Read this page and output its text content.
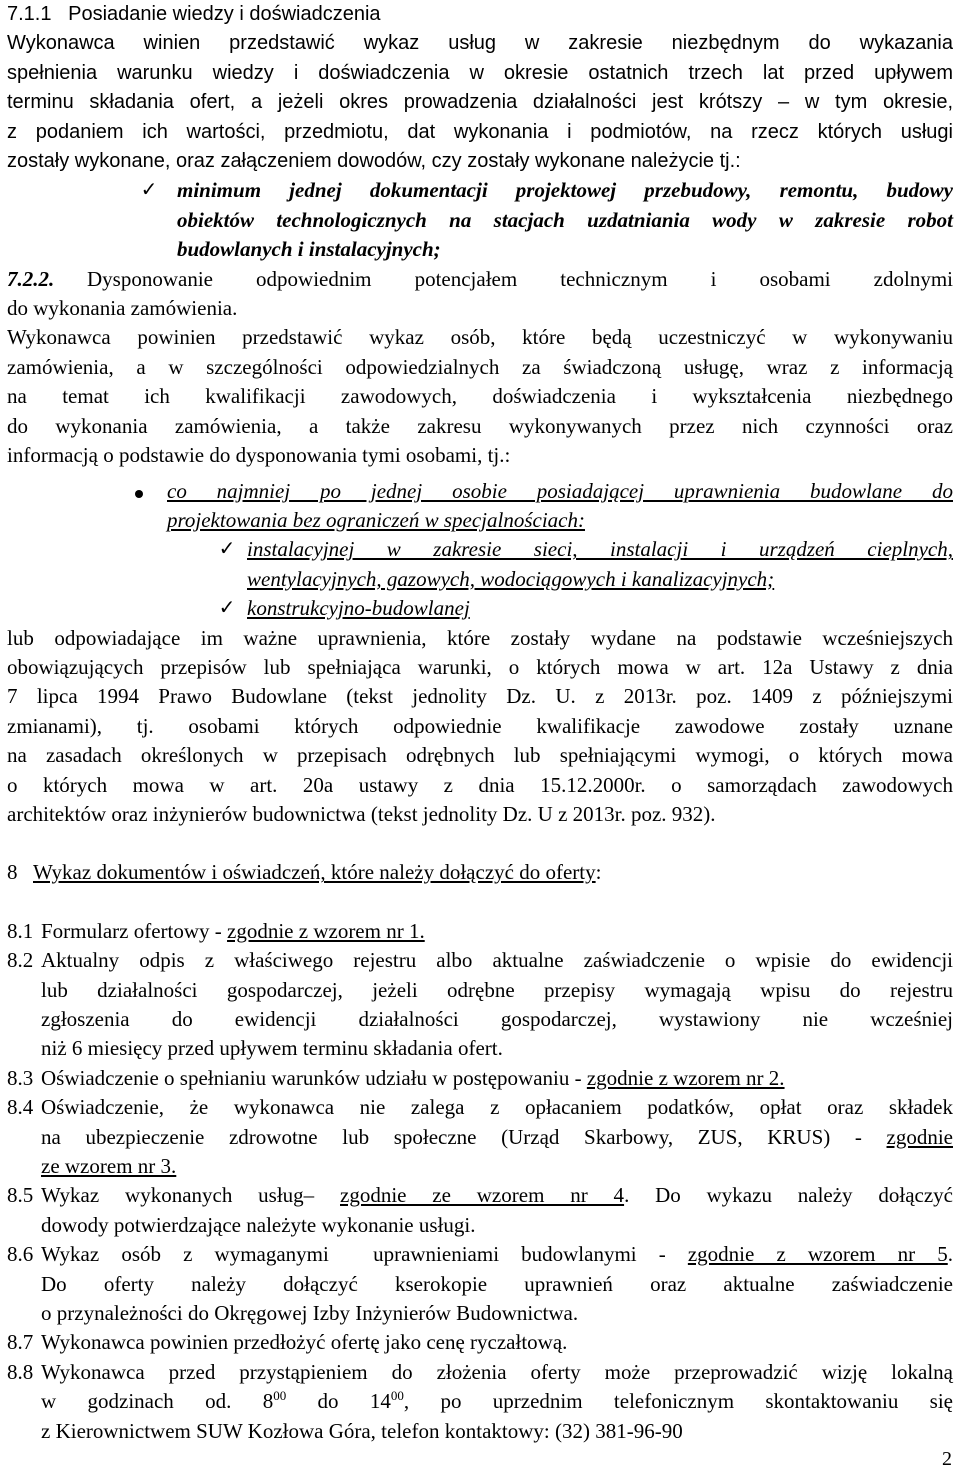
7.1.1   Posiadanie wiedzy i doświadczenia

Wykonawca winien przedstawić wykaz usług w zakresie niezbędnym do wykazania

spełnienia warunku wiedzy i doświadczenia w okresie ostatnich trzech lat przed upływem

terminu składania ofert, a jeżeli okres prowadzenia działalności jest krótszy – w tym okresie,

z podaniem ich wartości, przedmiotu, dat wykonania i podmiotów, na rzecz których usługi

zostały wykonane, oraz załączeniem dowodów, czy zostały wykonane należycie tj.:

✓ minimum jednej dokumentacji projektowej przebudowy, remontu, budowy

obiektów technologicznych na stacjach uzdatniania wody w zakresie robot

budowlanych i instalacyjnych;

7.2.2.	Dysponowanie odpowiednim potencjałem technicznym i osobami zdolnymi

do wykonania zamówienia.

Wykonawca powinien przedstawić wykaz osób, które będą uczestniczyć w wykonywaniu

zamówienia, a w szczególności odpowiedzialnych za świadczoną usługę, wraz z informacją

na temat ich kwalifikacji zawodowych, doświadczenia i wykształcenia niezbędnego

do wykonania zamówienia, a także zakresu wykonywanych przez nich czynności oraz

informacją o podstawie do dysponowania tymi osobami, tj.:

co najmniej po jednej osobie posiadającej uprawnienia budowlane do

projektowania bez ograniczeń w specjalnościach:

✓ instalacyjnej w zakresie sieci, instalacji i urządzeń cieplnych,

wentylacyjnych, gazowych, wodociągowych i kanalizacyjnych;

✓ konstrukcyjno-budowlanej

lub odpowiadające im ważne uprawnienia, które zostały wydane na podstawie wcześniejszych

obowiązujących przepisów lub spełniająca warunki, o których mowa w art. 12a Ustawy z dnia

7 lipca 1994 Prawo Budowlane (tekst jednolity Dz. U. z 2013r. poz. 1409 z późniejszymi

zmianami), tj. osobami których odpowiednie kwalifikacje zawodowe zostały uznane

na zasadach określonych w przepisach odrębnych lub spełniającymi wymogi, o których mowa

o których mowa w art. 20a ustawy z dnia 15.12.2000r. o samorządach zawodowych

architektów oraz inżynierów budownictwa (tekst jednolity Dz. U z 2013r. poz. 932).

8 Wykaz dokumentów i oświadczeń, które należy dołączyć do oferty:

8.1 Formularz ofertowy - zgodnie z wzorem nr 1.

8.2 Aktualny odpis z właściwego rejestru albo aktualne zaświadczenie o wpisie do ewidencji

lub działalności gospodarczej, jeżeli odrębne przepisy wymagają wpisu do rejestru

zgłoszenia do ewidencji działalności gospodarczej, wystawiony nie wcześniej

niż 6 miesięcy przed upływem terminu składania ofert.

8.3 Oświadczenie o spełnianiu warunków udziału w postępowaniu - zgodnie z wzorem nr 2.

8.4 Oświadczenie, że wykonawca nie zalega z opłacaniem podatków, opłat oraz składek

na ubezpieczenie zdrowotne lub społeczne (Urząd Skarbowy, ZUS, KRUS) - zgodnie

ze wzorem nr 3.

8.5 Wykaz wykonanych usług– zgodnie ze wzorem nr 4. Do wykazu należy dołączyć

dowody potwierdzające należyte wykonanie usługi.

8.6 Wykaz osób z wymaganymi  uprawnieniami budowlanymi - zgodnie z wzorem nr 5.

Do oferty należy dołączyć kserokopie uprawnień oraz aktualne zaświadczenie

o przynależności do Okręgowej Izby Inżynierów Budownictwa.

8.7 Wykonawca powinien przedłożyć ofertę jako cenę ryczałtową.

8.8 Wykonawca przed przystąpieniem do złożenia oferty może przeprowadzić wizję lokalną

w godzinach od. $8^{00}$ do $14^{00}$, po uprzednim telefonicznym skontaktowaniu się

z Kierownictwem SUW Kozłowa Góra, telefon kontaktowy: (32) 381-96-90

2
